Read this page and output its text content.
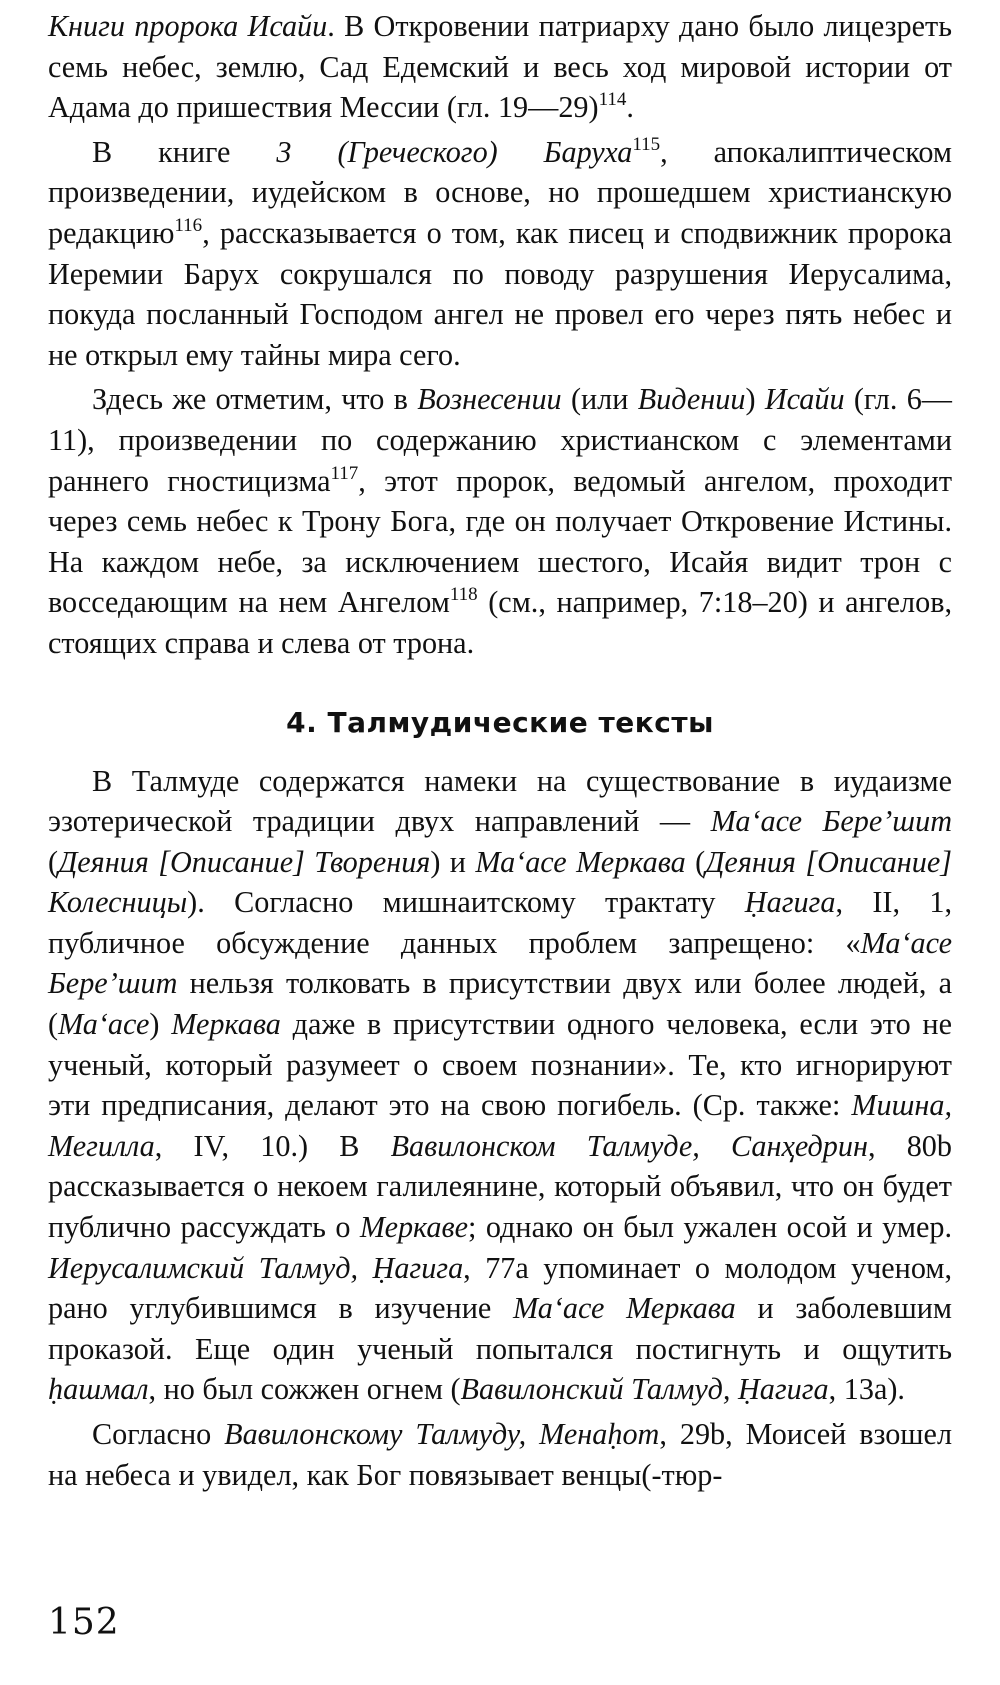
Книги пророка Исайи. В Откровении патриарху дано было лицезреть семь небес, землю, Сад Едемский и весь ход мировой истории от Адама до пришествия Мессии (гл. 19—29)$^{114}$.

В книге 3 (Греческого) Баруха$^{115}$, апокалиптическом произведении, иудейском в основе, но прошедшем христианскую редакцию$^{116}$, рассказывается о том, как писец и сподвижник пророка Иеремии Барух сокрушался по поводу разрушения Иерусалима, покуда посланный Господом ангел не провел его через пять небес и не открыл ему тайны мира сего.

Здесь же отметим, что в Вознесении (или Видении) Исайи (гл. 6—11), произведении по содержанию христианском с элементами раннего гностицизма$^{117}$, этот пророк, ведомый ангелом, проходит через семь небес к Трону Бога, где он получает Откровение Истины. На каждом небе, за исключением шестого, Исайя видит трон с восседающим на нем Ангелом$^{118}$ (см., например, 7:18–20) и ангелов, стоящих справа и слева от трона.

4. Талмудические тексты

В Талмуде содержатся намеки на существование в иудаизме эзотерической традиции двух направлений — Ма‘асе Бере’шит (Деяния [Описание] Творения) и Ма‘асе Меркава (Деяния [Описание] Колесницы). Согласно мишнаитскому трактату Ḥагига, II, 1, публичное обсуждение данных проблем запрещено: «Ма‘асе Бере’шит нельзя толковать в присутствии двух или более людей, а (Ма‘асе) Меркава даже в присутствии одного человека, если это не ученый, который разумеет о своем познании». Те, кто игнорируют эти предписания, делают это на свою погибель. (Ср. также: Мишна, Мегилла, IV, 10.) В Вавилонском Талмуде, Санҳедрин, 80b рассказывается о некоем галилеянине, который объявил, что он будет публично рассуждать о Меркаве; однако он был ужален осой и умер. Иерусалимский Талмуд, Ḥагига, 77a упоминает о молодом ученом, рано углубившимся в изучение Ма‘асе Меркава и заболевшим проказой. Еще один ученый попытался постигнуть и ощутить ḥашмал, но был сожжен огнем (Вавилонский Талмуд, Ḥагига, 13a).

Согласно Вавилонскому Талмуду, Менаḥот, 29b, Моисей взошел на небеса и увидел, как Бог повязывает венцы(-тюр-

152
